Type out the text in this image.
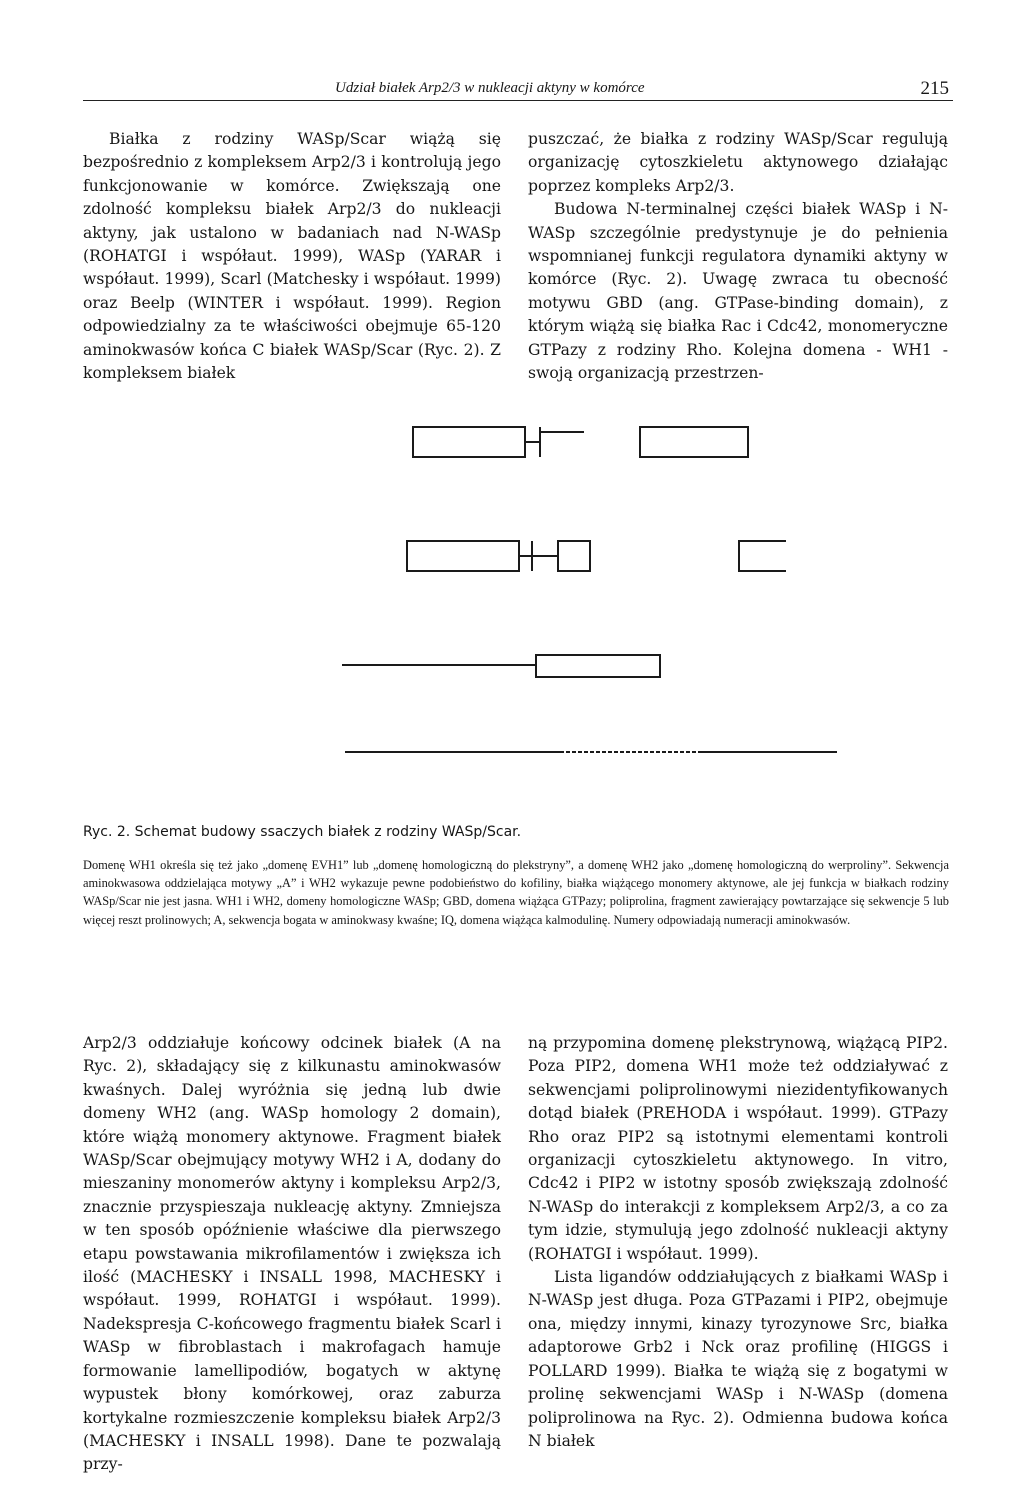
Udział białek Arp2/3 w nukleacji aktyny w komórce	215

Białka z rodziny WASp/Scar wiążą się bezpośrednio z kompleksem Arp2/3 i kontrolują jego funkcjonowanie w komórce. Zwiększają one zdolność kompleksu białek Arp2/3 do nukleacji aktyny, jak ustalono w badaniach nad N-WASp (ROHATGI i współaut. 1999), WASp (YARAR i współaut. 1999), Scarl (Matchesky i współaut. 1999) oraz Beelp (WINTER i współaut. 1999). Region odpowiedzialny za te właściwości obejmuje 65-120 aminokwasów końca C białek WASp/Scar (Ryc. 2). Z kompleksem białek

puszczać, że białka z rodziny WASp/Scar regulują organizację cytoszkieletu aktynowego działając poprzez kompleks Arp2/3.

Budowa N-terminalnej części białek WASp i N-WASp szczególnie predystynuje je do pełnienia wspomnianej funkcji regulatora dynamiki aktyny w komórce (Ryc. 2). Uwagę zwraca tu obecność motywu GBD (ang. GTPase-binding domain), z którym wiążą się białka Rac i Cdc42, monomeryczne GTPazy z rodziny Rho. Kolejna domena - WH1 - swoją organizacją przestrzen-

Ryc. 2. Schemat budowy ssaczych białek z rodziny WASp/Scar.
Domenę WH1 określa się też jako „domenę EVH1” lub „domenę homologiczną do plekstryny”, a domenę WH2 jako „domenę homologiczną do werproliny”. Sekwencja aminokwasowa oddzielająca motywy „A” i WH2 wykazuje pewne podobieństwo do kofiliny, białka wiążącego monomery aktynowe, ale jej funkcja w białkach rodziny WASp/Scar nie jest jasna. WH1 i WH2, domeny homologiczne WASp; GBD, domena wiążąca GTPazy; poliprolina, fragment zawierający powtarzające się sekwencje 5 lub więcej reszt prolinowych; A, sekwencja bogata w aminokwasy kwaśne; IQ, domena wiążąca kalmodulinę. Numery odpowiadają numeracji aminokwasów.

Arp2/3 oddziałuje końcowy odcinek białek (A na Ryc. 2), składający się z kilkunastu aminokwasów kwaśnych. Dalej wyróżnia się jedną lub dwie domeny WH2 (ang. WASp homology 2 domain), które wiążą monomery aktynowe. Fragment białek WASp/Scar obejmujący motywy WH2 i A, dodany do mieszaniny monomerów aktyny i kompleksu Arp2/3, znacznie przyspieszaja nukleację aktyny. Zmniejsza w ten sposób opóźnienie właściwe dla pierwszego etapu powstawania mikrofilamentów i zwiększa ich ilość (MACHESKY i INSALL 1998, MACHESKY i współaut. 1999, ROHATGI i współaut. 1999). Nadekspresja C-końcowego fragmentu białek Scarl i WASp w fibroblastach i makrofagach hamuje formowanie lamellipodiów, bogatych w aktynę wypustek błony komórkowej, oraz zaburza kortykalne rozmieszczenie kompleksu białek Arp2/3 (MACHESKY i INSALL 1998). Dane te pozwalają przy-

ną przypomina domenę plekstrynową, wiążącą PIP2. Poza PIP2, domena WH1 może też oddziaływać z sekwencjami poliprolinowymi niezidentyfikowanych dotąd białek (PREHODA i współaut. 1999). GTPazy Rho oraz PIP2 są istotnymi elementami kontroli organizacji cytoszkieletu aktynowego. In vitro, Cdc42 i PIP2 w istotny sposób zwiększają zdolność N-WASp do interakcji z kompleksem Arp2/3, a co za tym idzie, stymulują jego zdolność nukleacji aktyny (ROHATGI i współaut. 1999).

Lista ligandów oddziałujących z białkami WASp i N-WASp jest długa. Poza GTPazami i PIP2, obejmuje ona, między innymi, kinazy tyrozynowe Src, białka adaptorowe Grb2 i Nck oraz profilinę (HIGGS i POLLARD 1999). Białka te wiążą się z bogatymi w prolinę sekwencjami WASp i N-WASp (domena poliprolinowa na Ryc. 2). Odmienna budowa końca N białek
